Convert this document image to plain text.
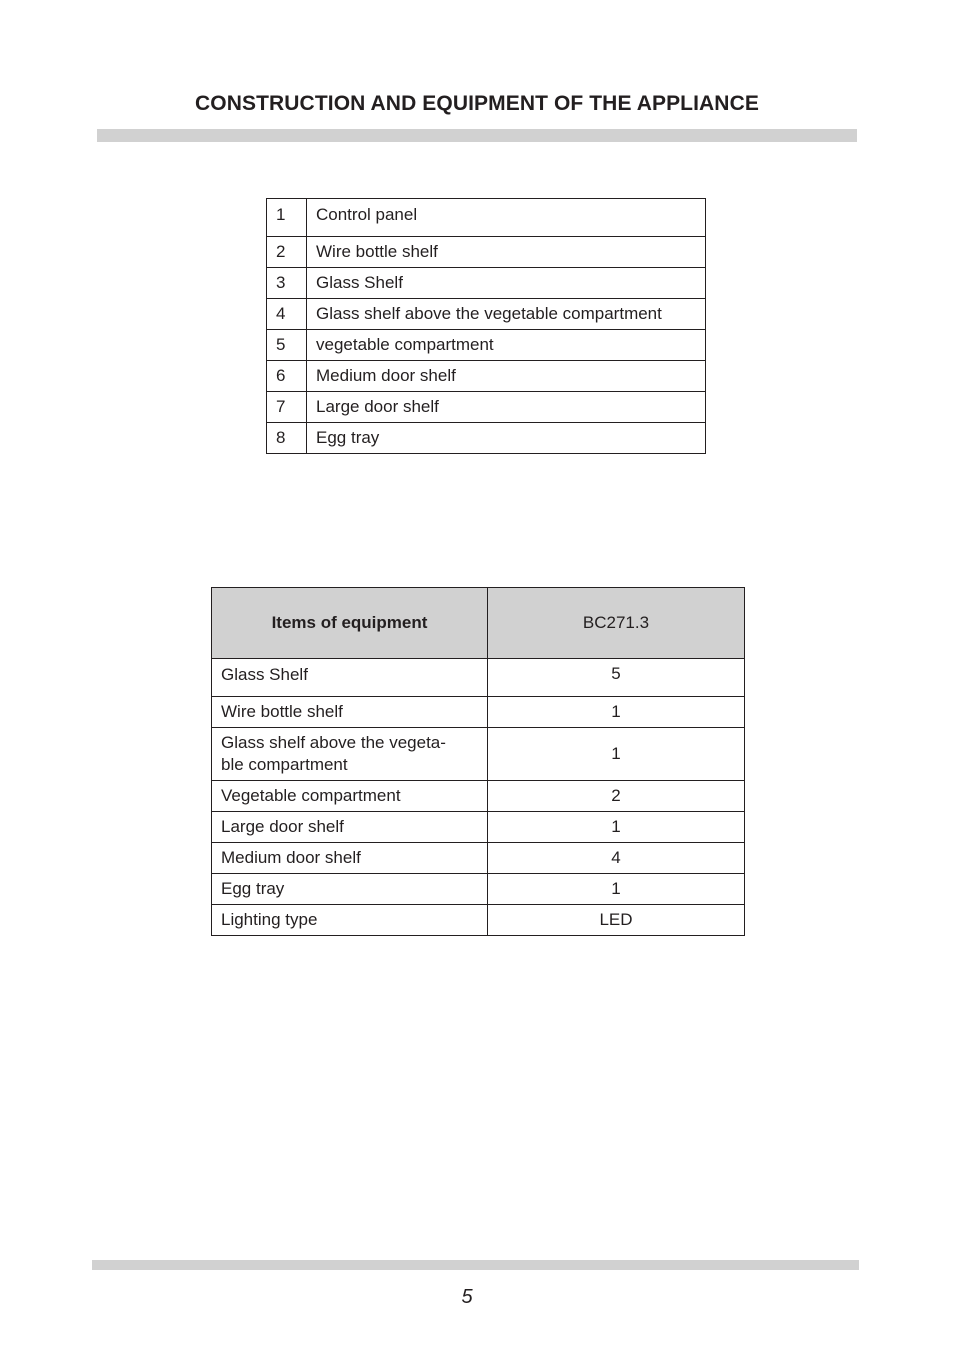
CONSTRUCTION AND EQUIPMENT OF THE APPLIANCE
1	Control panel
2	Wire bottle shelf
3	Glass Shelf
4	Glass shelf above the vegetable compartment
5	vegetable compartment
6	Medium door shelf
7	Large door shelf
8	Egg tray
Items of equipment	BC271.3
Glass Shelf	5
Wire bottle shelf	1
Glass shelf above the vegeta-
ble compartment	1
Vegetable compartment	2
Large door shelf	1
Medium door shelf	4
Egg tray	1
Lighting type	LED
5
